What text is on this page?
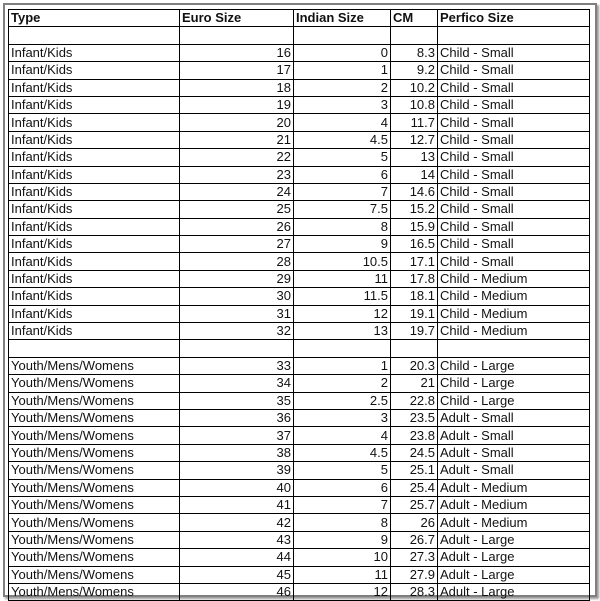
Type	Euro Size	Indian Size	CM	Perfico Size

Infant/Kids	16	0	8.3	Child - Small
Infant/Kids	17	1	9.2	Child - Small
Infant/Kids	18	2	10.2	Child - Small
Infant/Kids	19	3	10.8	Child - Small
Infant/Kids	20	4	11.7	Child - Small
Infant/Kids	21	4.5	12.7	Child - Small
Infant/Kids	22	5	13	Child - Small
Infant/Kids	23	6	14	Child - Small
Infant/Kids	24	7	14.6	Child - Small
Infant/Kids	25	7.5	15.2	Child - Small
Infant/Kids	26	8	15.9	Child - Small
Infant/Kids	27	9	16.5	Child - Small
Infant/Kids	28	10.5	17.1	Child - Small
Infant/Kids	29	11	17.8	Child - Medium
Infant/Kids	30	11.5	18.1	Child - Medium
Infant/Kids	31	12	19.1	Child - Medium
Infant/Kids	32	13	19.7	Child - Medium

Youth/Mens/Womens	33	1	20.3	Child - Large
Youth/Mens/Womens	34	2	21	Child - Large
Youth/Mens/Womens	35	2.5	22.8	Child - Large
Youth/Mens/Womens	36	3	23.5	Adult - Small
Youth/Mens/Womens	37	4	23.8	Adult - Small
Youth/Mens/Womens	38	4.5	24.5	Adult - Small
Youth/Mens/Womens	39	5	25.1	Adult - Small
Youth/Mens/Womens	40	6	25.4	Adult - Medium
Youth/Mens/Womens	41	7	25.7	Adult - Medium
Youth/Mens/Womens	42	8	26	Adult - Medium
Youth/Mens/Womens	43	9	26.7	Adult - Large
Youth/Mens/Womens	44	10	27.3	Adult - Large
Youth/Mens/Womens	45	11	27.9	Adult - Large
Youth/Mens/Womens	46	12	28.3	Adult - Large
